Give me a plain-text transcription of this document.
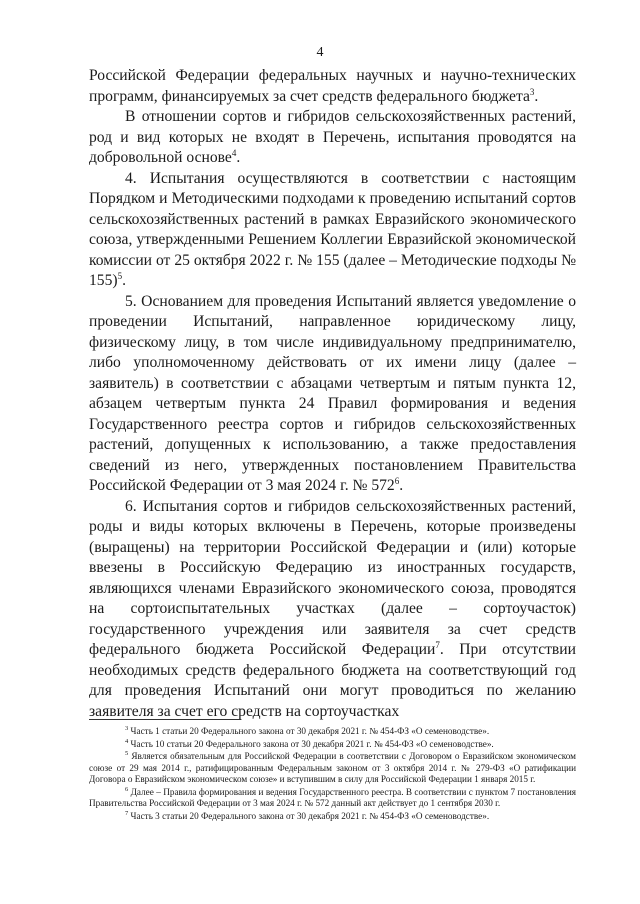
4

Российской Федерации федеральных научных и научно-технических программ, финансируемых за счет средств федерального бюджета$^3$.

В отношении сортов и гибридов сельскохозяйственных растений, род и вид которых не входят в Перечень, испытания проводятся на добровольной основе$^4$.

4. Испытания осуществляются в соответствии с настоящим Порядком и Методическими подходами к проведению испытаний сортов сельскохозяйственных растений в рамках Евразийского экономического союза, утвержденными Решением Коллегии Евразийской экономической комиссии от 25 октября 2022 г. № 155 (далее – Методические подходы № 155)$^5$.

5. Основанием для проведения Испытаний является уведомление о проведении Испытаний, направленное юридическому лицу, физическому лицу, в том числе индивидуальному предпринимателю, либо уполномоченному действовать от их имени лицу (далее – заявитель) в соответствии с абзацами четвертым и пятым пункта 12, абзацем четвертым пункта 24 Правил формирования и ведения Государственного реестра сортов и гибридов сельскохозяйственных растений, допущенных к использованию, а также предоставления сведений из него, утвержденных постановлением Правительства Российской Федерации от 3 мая 2024 г. № $572^6$.

6. Испытания сортов и гибридов сельскохозяйственных растений, роды и виды которых включены в Перечень, которые произведены (выращены) на территории Российской Федерации и (или) которые ввезены в Российскую Федерацию из иностранных государств, являющихся членами Евразийского экономического союза, проводятся на сортоиспытательных участках (далее – сортоучасток) государственного учреждения или заявителя за счет средств федерального бюджета Российской Федерации$^7$. При отсутствии необходимых средств федерального бюджета на соответствующий год для проведения Испытаний они могут проводиться по желанию заявителя за счет его средств на сортоучастках

$^3$ Часть 1 статьи 20 Федерального закона от 30 декабря 2021 г. № 454-ФЗ «О семеноводстве».

$^4$ Часть 10 статьи 20 Федерального закона от 30 декабря 2021 г. № 454-ФЗ «О семеноводстве».

$^5$ Является обязательным для Российской Федерации в соответствии с Договором о Евразийском экономическом союзе от 29 мая 2014 г., ратифицированным Федеральным законом от 3 октября 2014 г. № 279-ФЗ «О ратификации Договора о Евразийском экономическом союзе» и вступившим в силу для Российской Федерации 1 января 2015 г.

$^6$ Далее – Правила формирования и ведения Государственного реестра. В соответствии с пунктом 7 постановления Правительства Российской Федерации от 3 мая 2024 г. № 572 данный акт действует до 1 сентября 2030 г.

$^7$ Часть 3 статьи 20 Федерального закона от 30 декабря 2021 г. № 454-ФЗ «О семеноводстве».
